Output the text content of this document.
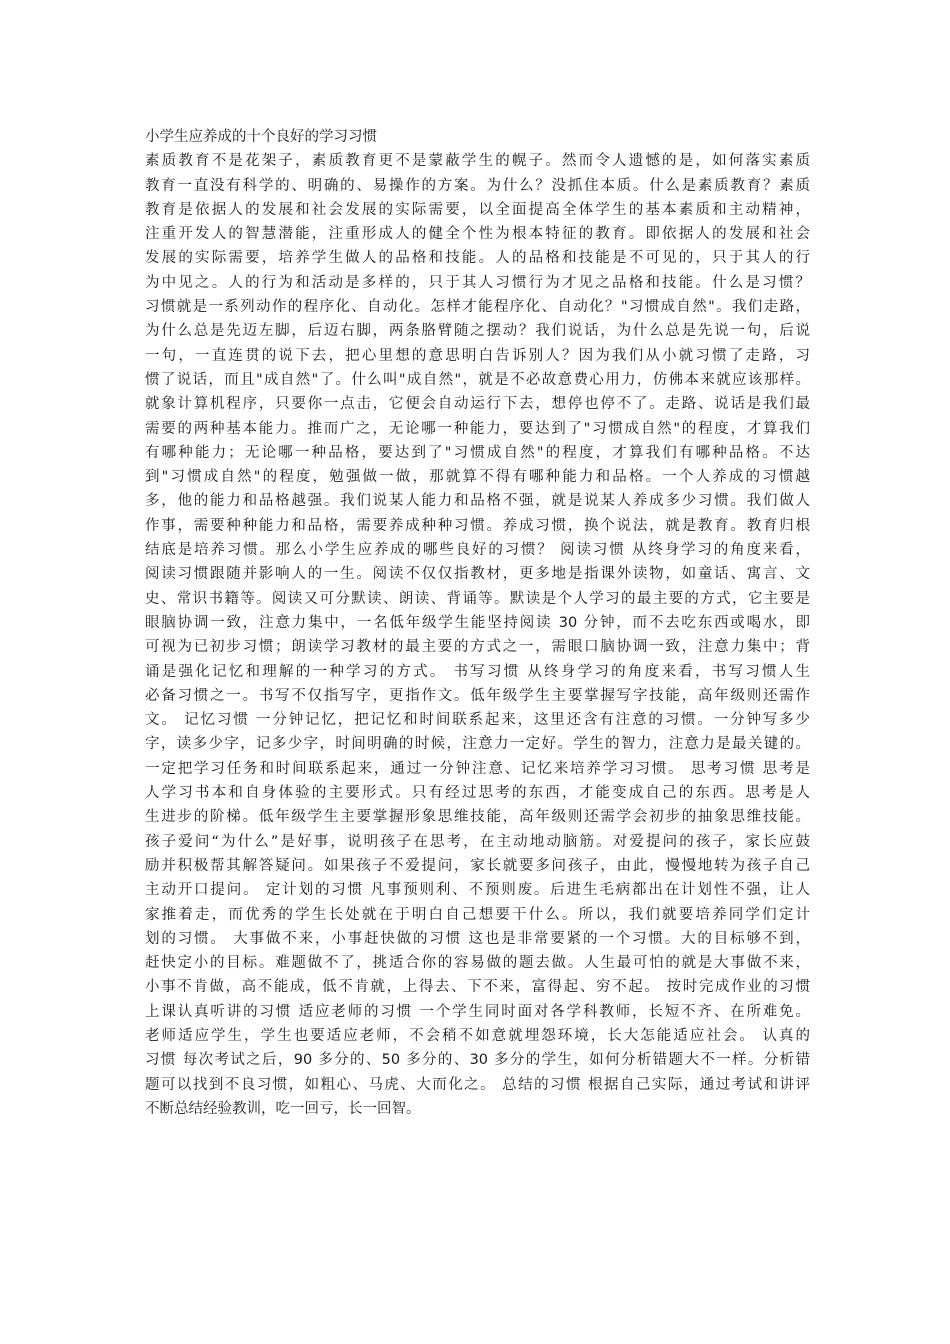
小学生应养成的十个良好的学习习惯
素质教育不是花架子，素质教育更不是蒙蔽学生的幌子。然而令人遗憾的是，如何落实素质
教育一直没有科学的、明确的、易操作的方案。为什么？没抓住本质。什么是素质教育？素质
教育是依据人的发展和社会发展的实际需要，以全面提高全体学生的基本素质和主动精神，
注重开发人的智慧潜能，注重形成人的健全个性为根本特征的教育。即依据人的发展和社会
发展的实际需要，培养学生做人的品格和技能。人的品格和技能是不可见的，只于其人的行
为中见之。人的行为和活动是多样的，只于其人习惯行为才见之品格和技能。什么是习惯？
习惯就是一系列动作的程序化、自动化。怎样才能程序化、自动化？"习惯成自然"。我们走路，
为什么总是先迈左脚，后迈右脚，两条胳臂随之摆动？我们说话，为什么总是先说一句，后说
一句，一直连贯的说下去，把心里想的意思明白告诉别人？因为我们从小就习惯了走路，习
惯了说话，而且"成自然"了。什么叫"成自然"，就是不必故意费心用力，仿佛本来就应该那样。
就象计算机程序，只要你一点击，它便会自动运行下去，想停也停不了。走路、说话是我们最
需要的两种基本能力。推而广之，无论哪一种能力，要达到了"习惯成自然"的程度，才算我们
有哪种能力；无论哪一种品格，要达到了"习惯成自然"的程度，才算我们有哪种品格。不达
到"习惯成自然"的程度，勉强做一做，那就算不得有哪种能力和品格。一个人养成的习惯越
多，他的能力和品格越强。我们说某人能力和品格不强，就是说某人养成多少习惯。我们做人
作事，需要种种能力和品格，需要养成种种习惯。养成习惯，换个说法，就是教育。教育归根
结底是培养习惯。那么小学生应养成的哪些良好的习惯？ 阅读习惯 从终身学习的角度来看，
阅读习惯跟随并影响人的一生。阅读不仅仅指教材，更多地是指课外读物，如童话、寓言、文
史、常识书籍等。阅读又可分默读、朗读、背诵等。默读是个人学习的最主要的方式，它主要是
眼脑协调一致，注意力集中，一名低年级学生能坚持阅读 30 分钟，而不去吃东西或喝水，即
可视为已初步习惯；朗读学习教材的最主要的方式之一，需眼口脑协调一致，注意力集中；背
诵是强化记忆和理解的一种学习的方式。 书写习惯 从终身学习的角度来看，书写习惯人生
必备习惯之一。书写不仅指写字，更指作文。低年级学生主要掌握写字技能，高年级则还需作
文。 记忆习惯 一分钟记忆，把记忆和时间联系起来，这里还含有注意的习惯。一分钟写多少
字，读多少字，记多少字，时间明确的时候，注意力一定好。学生的智力，注意力是最关键的。
一定把学习任务和时间联系起来，通过一分钟注意、记忆来培养学习习惯。 思考习惯 思考是
人学习书本和自身体验的主要形式。只有经过思考的东西，才能变成自己的东西。思考是人
生进步的阶梯。低年级学生主要掌握形象思维技能，高年级则还需学会初步的抽象思维技能。
孩子爱问“为什么”是好事，说明孩子在思考，在主动地动脑筋。对爱提问的孩子，家长应鼓
励并积极帮其解答疑问。如果孩子不爱提问，家长就要多问孩子，由此，慢慢地转为孩子自己
主动开口提问。 定计划的习惯 凡事预则利、不预则废。后进生毛病都出在计划性不强，让人
家推着走，而优秀的学生长处就在于明白自己想要干什么。所以，我们就要培养同学们定计
划的习惯。 大事做不来，小事赶快做的习惯 这也是非常要紧的一个习惯。大的目标够不到，
赶快定小的目标。难题做不了，挑适合你的容易做的题去做。人生最可怕的就是大事做不来，
小事不肯做，高不能成，低不肯就，上得去、下不来，富得起、穷不起。 按时完成作业的习惯
上课认真听讲的习惯 适应老师的习惯 一个学生同时面对各学科教师，长短不齐、在所难免。
老师适应学生，学生也要适应老师，不会稍不如意就埋怨环境，长大怎能适应社会。 认真的
习惯 每次考试之后，90 多分的、50 多分的、30 多分的学生，如何分析错题大不一样。分析错
题可以找到不良习惯，如粗心、马虎、大而化之。 总结的习惯 根据自己实际，通过考试和讲评
不断总结经验教训，吃一回亏，长一回智。
